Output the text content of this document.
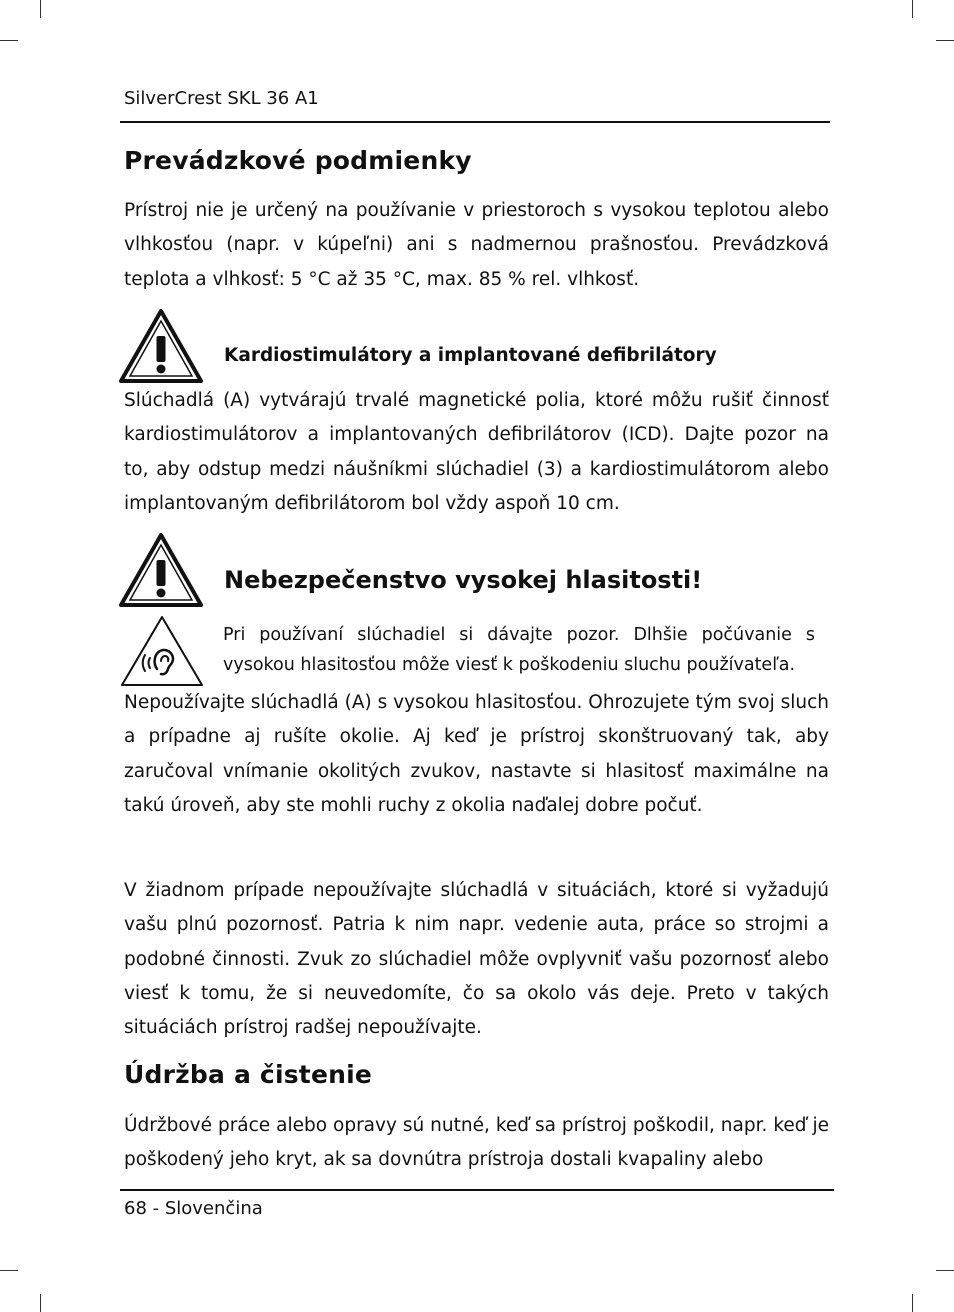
SilverCrest SKL 36 A1
Prevádzkové podmienky
Prístroj nie je určený na používanie v priestoroch s vysokou teplotou alebo vlhkosťou (napr. v kúpeľni) ani s nadmernou prašnosťou. Prevádzková teplota a vlhkosť: 5 °C až 35 °C, max. 85 % rel. vlhkosť.
Kardiostimulátory a implantované defibrilátory
Slúchadlá (A) vytvárajú trvalé magnetické polia, ktoré môžu rušiť činnosť kardiostimulátorov a implantovaných defibrilátorov (ICD). Dajte pozor na to, aby odstup medzi náušníkmi slúchadiel (3) a kardiostimulátorom alebo implantovaným defibrilátorom bol vždy aspoň 10 cm.
Nebezpečenstvo vysokej hlasitosti!
Pri používaní slúchadiel si dávajte pozor. Dlhšie počúvanie s vysokou hlasitosťou môže viesť k poškodeniu sluchu používateľa.
Nepoužívajte slúchadlá (A) s vysokou hlasitosťou. Ohrozujete tým svoj sluch a prípadne aj rušíte okolie. Aj keď je prístroj skonštruovaný tak, aby zaručoval vnímanie okolitých zvukov, nastavte si hlasitosť maximálne na takú úroveň, aby ste mohli ruchy z okolia naďalej dobre počuť.
V žiadnom prípade nepoužívajte slúchadlá v situáciách, ktoré si vyžadujú vašu plnú pozornosť. Patria k nim napr. vedenie auta, práce so strojmi a podobné činnosti. Zvuk zo slúchadiel môže ovplyvniť vašu pozornosť alebo viesť k tomu, že si neuvedomíte, čo sa okolo vás deje. Preto v takých situáciách prístroj radšej nepoužívajte.
Údržba a čistenie
Údržbové práce alebo opravy sú nutné, keď sa prístroj poškodil, napr. keď je poškodený jeho kryt, ak sa dovnútra prístroja dostali kvapaliny alebo
68 - Slovenčina
